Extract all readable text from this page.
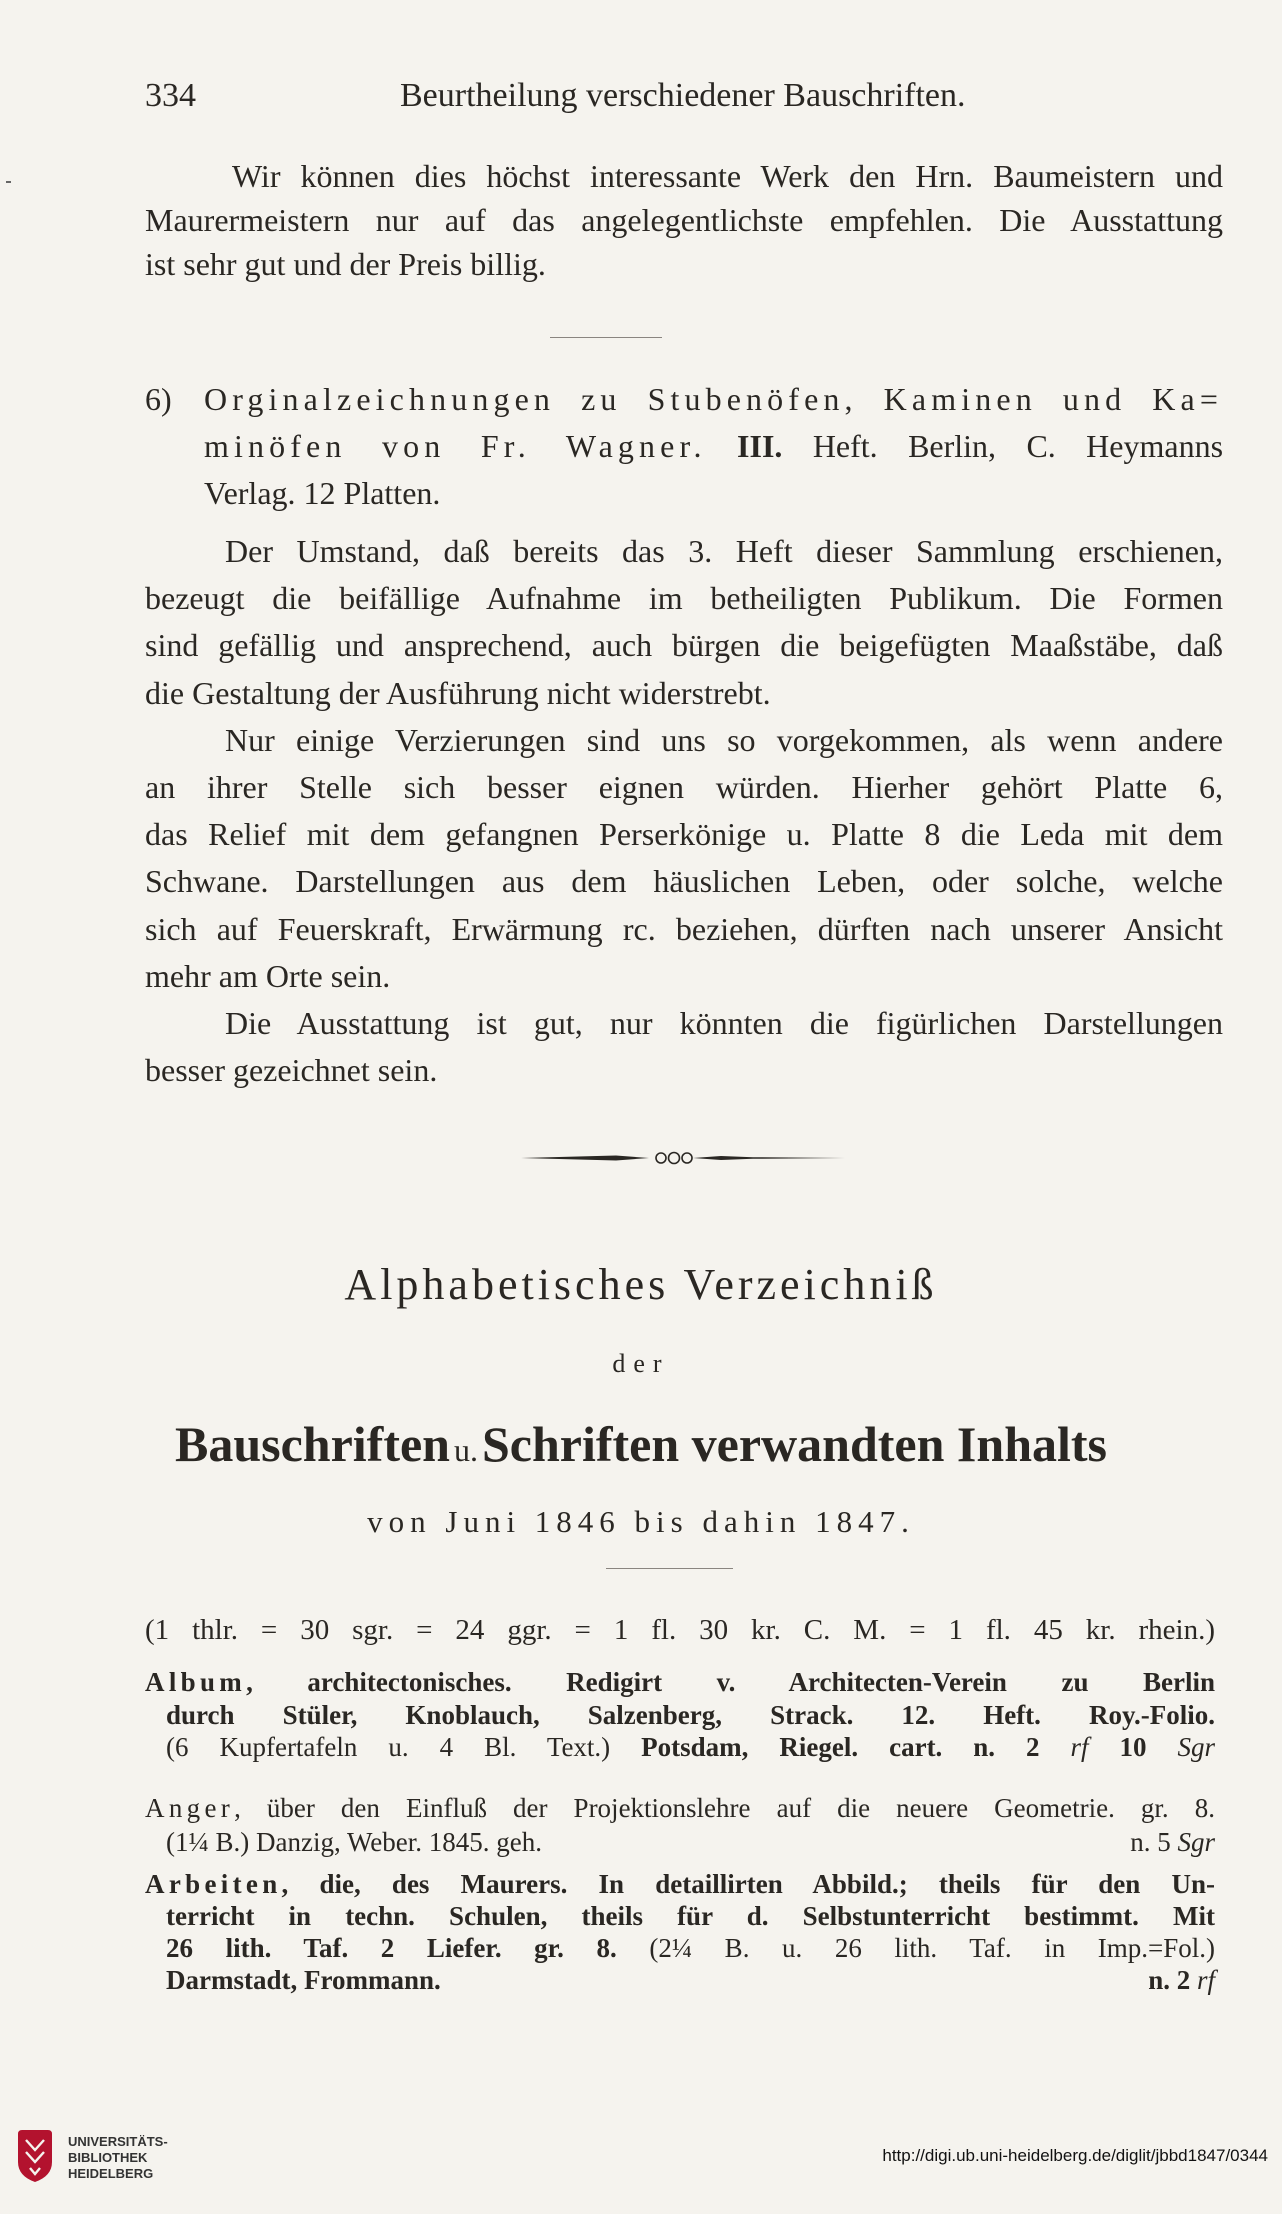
334	Beurtheilung verschiedener Bauschriften.
Wir können dies höchst interessante Werk den Hrn. Baumeistern und
Maurermeistern nur auf das angelegentlichste empfehlen. Die Ausstattung
ist sehr gut und der Preis billig.
6) Orginalzeichnungen zu Stubenöfen, Kaminen und Ka=
minöfen von Fr. Wagner. III. Heft. Berlin, C. Heymanns
Verlag. 12 Platten.
Der Umstand, daß bereits das 3. Heft dieser Sammlung erschienen,
bezeugt die beifällige Aufnahme im betheiligten Publikum. Die Formen
sind gefällig und ansprechend, auch bürgen die beigefügten Maaßstäbe, daß
die Gestaltung der Ausführung nicht widerstrebt.
Nur einige Verzierungen sind uns so vorgekommen, als wenn andere
an ihrer Stelle sich besser eignen würden. Hierher gehört Platte 6,
das Relief mit dem gefangnen Perserkönige u. Platte 8 die Leda mit dem
Schwane. Darstellungen aus dem häuslichen Leben, oder solche, welche
sich auf Feuerskraft, Erwärmung rc. beziehen, dürften nach unserer Ansicht
mehr am Orte sein.
Die Ausstattung ist gut, nur könnten die figürlichen Darstellungen
besser gezeichnet sein.
Alphabetisches Verzeichniß
der
Bauschriften u. Schriften verwandten Inhalts
von Juni 1846 bis dahin 1847.
(1 thlr. = 30 sgr. = 24 ggr. = 1 fl. 30 kr. C. M. = 1 fl. 45 kr. rhein.)
Album, architectonisches. Redigirt v. Architecten-Verein zu Berlin
durch Stüler, Knoblauch, Salzenberg, Strack. 12. Heft. Roy.-Folio.
(6 Kupfertafeln u. 4 Bl. Text.) Potsdam, Riegel. cart. n. 2 rf 10 Sgr
Anger, über den Einfluß der Projektionslehre auf die neuere Geometrie. gr. 8.
(1¼ B.) Danzig, Weber. 1845. geh.	n. 5 Sgr
Arbeiten, die, des Maurers. In detaillirten Abbild.; theils für den Un-
terricht in techn. Schulen, theils für d. Selbstunterricht bestimmt. Mit
26 lith. Taf. 2 Liefer. gr. 8. (2¼ B. u. 26 lith. Taf. in Imp.=Fol.)
Darmstadt, Frommann.	n. 2 rf
UNIVERSITÄTS-
BIBLIOTHEK
HEIDELBERG
http://digi.ub.uni-heidelberg.de/diglit/jbbd1847/0344
